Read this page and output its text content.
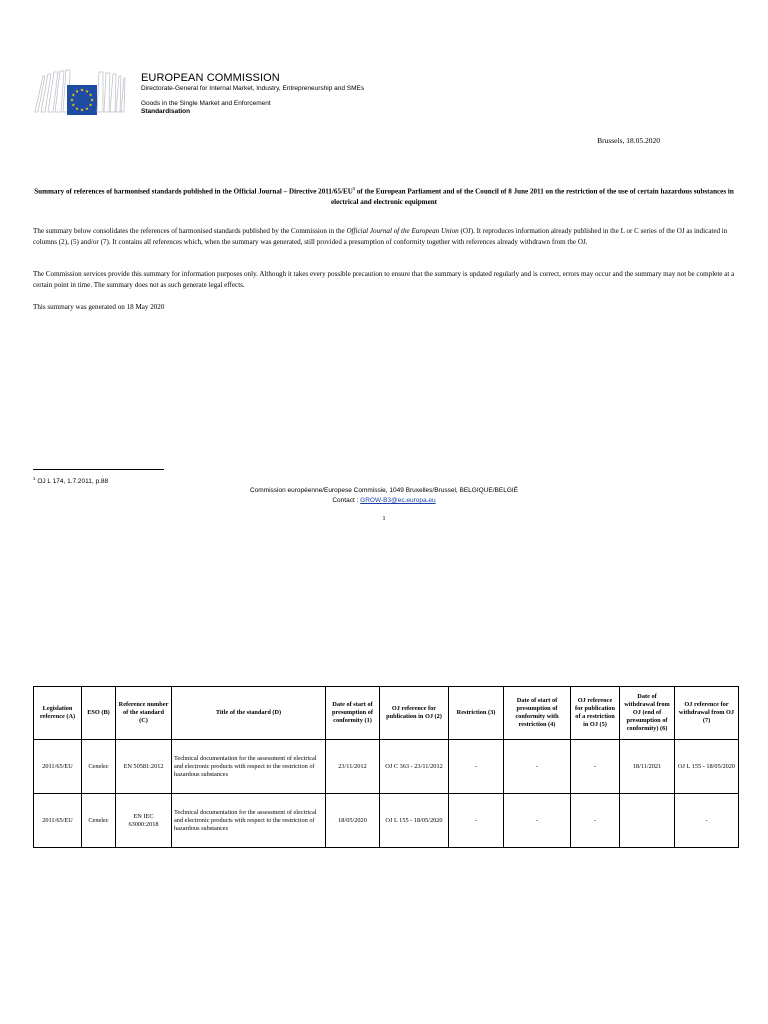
EUROPEAN COMMISSION
Directorate-General for Internal Market, Industry, Entrepreneurship and SMEs
Goods in the Single Market and Enforcement
Standardisation
Brussels, 18.05.2020
Summary of references of harmonised standards published in the Official Journal – Directive $2011/65/EU^1$ of the European Parliament and of the Council of 8 June 2011 on the restriction of the use of certain hazardous substances in electrical and electronic equipment
The summary below consolidates the references of harmonised standards published by the Commission in the Official Journal of the European Union (OJ). It reproduces information already published in the L or C series of the OJ as indicated in columns (2), (5) and/or (7). It contains all references which, when the summary was generated, still provided a presumption of conformity together with references already withdrawn from the OJ.
The Commission services provide this summary for information purposes only. Although it takes every possible precaution to ensure that the summary is updated regularly and is correct, errors may occur and the summary may not be complete at a certain point in time. The summary does not as such generate legal effects.
This summary was generated on 18 May 2020
$^1$ OJ L 174, 1.7.2011, p.88
Commission européenne/Europese Commissie, 1049 Bruxelles/Brussel, BELGIQUE/BELGIË
Contact : GROW-B3@ec.europa.eu
1
Legislation reference (A)	ESO (B)	Reference number of the standard (C)	Title of the standard (D)	Date of start of presumption of conformity (1)	OJ reference for publication in OJ (2)	Restriction (3)	Date of start of presumption of conformity with restriction (4)	OJ reference for publication of a restriction in OJ (5)	Date of withdrawal from OJ (end of presumption of conformity) (6)	OJ reference for withdrawal from OJ (7)
2011/65/EU	Cenelec	EN 50581:2012	Technical documentation for the assessment of electrical and electronic products with respect to the restriction of hazardous substances	23/11/2012	OJ C 363 - 23/11/2012	-	-	-	18/11/2021	OJ L 155 - 18/05/2020
2011/65/EU	Cenelec	EN IEC 63000:2018	Technical documentation for the assessment of electrical and electronic products with respect to the restriction of hazardous substances	18/05/2020	OJ L 155 - 18/05/2020	-	-	-		-
